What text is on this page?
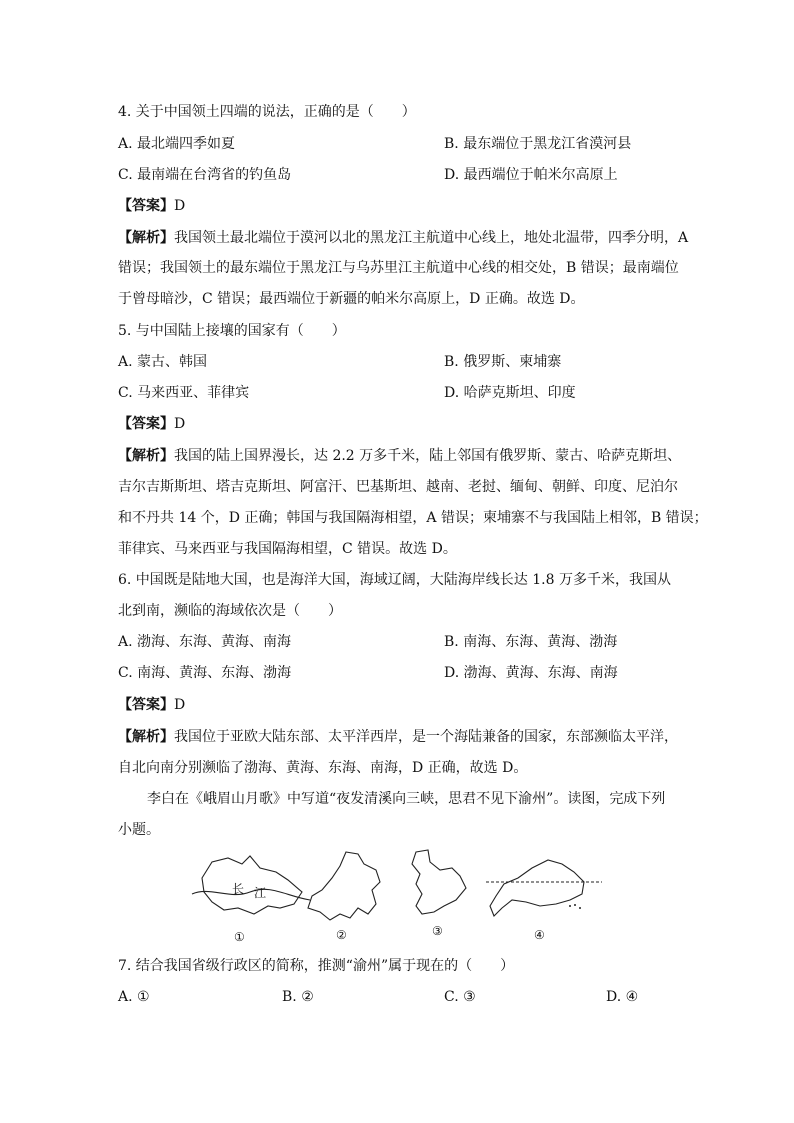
4. 关于中国领土四端的说法，正确的是（　　）
A. 最北端四季如夏	B. 最东端位于黑龙江省漠河县
C. 最南端在台湾省的钓鱼岛	D. 最西端位于帕米尔高原上
【答案】D
【解析】我国领土最北端位于漠河以北的黑龙江主航道中心线上，地处北温带，四季分明，A
错误；我国领土的最东端位于黑龙江与乌苏里江主航道中心线的相交处，B 错误；最南端位
于曾母暗沙，C 错误；最西端位于新疆的帕米尔高原上，D 正确。故选 D。
5. 与中国陆上接壤的国家有（　　）
A. 蒙古、韩国	B. 俄罗斯、柬埔寨
C. 马来西亚、菲律宾	D. 哈萨克斯坦、印度
【答案】D
【解析】我国的陆上国界漫长，达 2.2 万多千米，陆上邻国有俄罗斯、蒙古、哈萨克斯坦、
吉尔吉斯斯坦、塔吉克斯坦、阿富汗、巴基斯坦、越南、老挝、缅甸、朝鲜、印度、尼泊尔
和不丹共 14 个，D 正确；韩国与我国隔海相望，A 错误；柬埔寨不与我国陆上相邻，B 错误；
菲律宾、马来西亚与我国隔海相望，C 错误。故选 D。
6. 中国既是陆地大国，也是海洋大国，海域辽阔，大陆海岸线长达 1.8 万多千米，我国从
北到南，濒临的海域依次是（　　）
A. 渤海、东海、黄海、南海	B. 南海、东海、黄海、渤海
C. 南海、黄海、东海、渤海	D. 渤海、黄海、东海、南海
【答案】D
【解析】我国位于亚欧大陆东部、太平洋西岸，是一个海陆兼备的国家，东部濒临太平洋，
自北向南分别濒临了渤海、黄海、东海、南海，D 正确，故选 D。
李白在《峨眉山月歌》中写道“夜发清溪向三峡，思君不见下渝州”。读图，完成下列
小题。
长 江
①	②	③	④
7. 结合我国省级行政区的简称，推测“渝州”属于现在的（　　）
A. ①	B. ②	C. ③	D. ④
